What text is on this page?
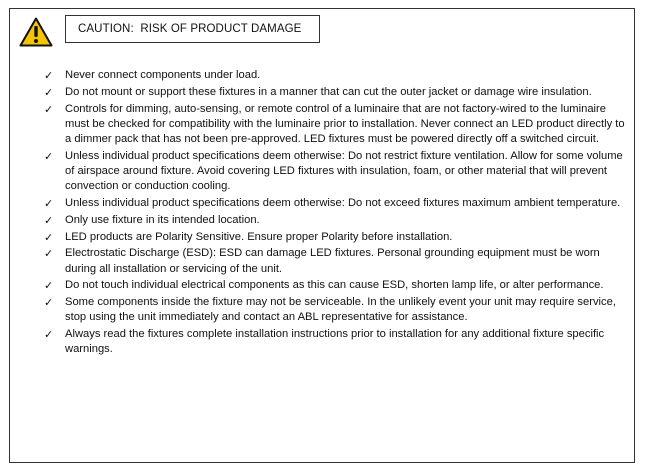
CAUTION:  RISK OF PRODUCT DAMAGE
✓ Never connect components under load.
✓ Do not mount or support these fixtures in a manner that can cut the outer jacket or damage wire insulation.
✓ Controls for dimming, auto-sensing, or remote control of a luminaire that are not factory-wired to the luminaire must be checked for compatibility with the luminaire prior to installation. Never connect an LED product directly to a dimmer pack that has not been pre-approved. LED fixtures must be powered directly off a switched circuit.
✓ Unless individual product specifications deem otherwise: Do not restrict fixture ventilation. Allow for some volume of airspace around fixture. Avoid covering LED fixtures with insulation, foam, or other material that will prevent convection or conduction cooling.
✓ Unless individual product specifications deem otherwise: Do not exceed fixtures maximum ambient temperature.
✓ Only use fixture in its intended location.
✓ LED products are Polarity Sensitive. Ensure proper Polarity before installation.
✓ Electrostatic Discharge (ESD): ESD can damage LED fixtures. Personal grounding equipment must be worn during all installation or servicing of the unit.
✓ Do not touch individual electrical components as this can cause ESD, shorten lamp life, or alter performance.
✓ Some components inside the fixture may not be serviceable. In the unlikely event your unit may require service, stop using the unit immediately and contact an ABL representative for assistance.
✓ Always read the fixtures complete installation instructions prior to installation for any additional fixture specific warnings.
